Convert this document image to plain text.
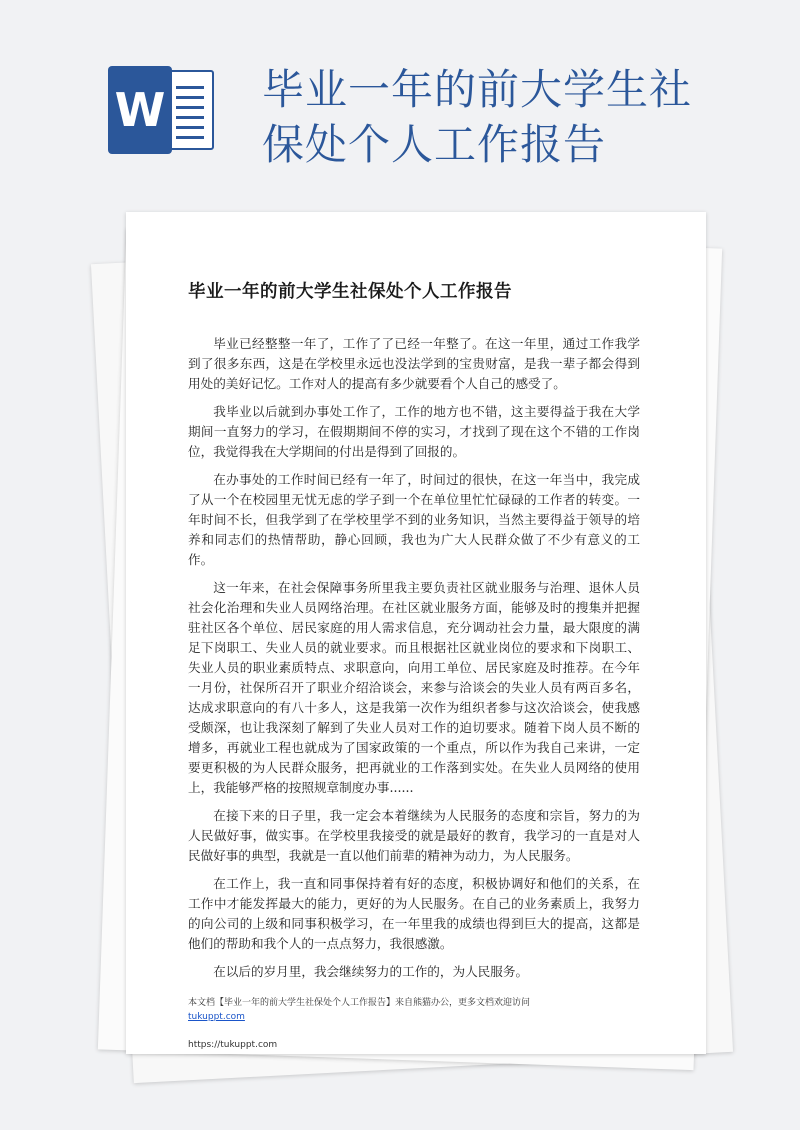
W 毕业一年的前大学生社保处个人工作报告
毕业一年的前大学生社保处个人工作报告

毕业已经整整一年了，工作了了已经一年整了。在这一年里，通过工作我学到了很多东西，这是在学校里永远也没法学到的宝贵财富，是我一辈子都会得到用处的美好记忆。工作对人的提高有多少就要看个人自己的感受了。

我毕业以后就到办事处工作了，工作的地方也不错，这主要得益于我在大学期间一直努力的学习，在假期期间不停的实习，才找到了现在这个不错的工作岗位，我觉得我在大学期间的付出是得到了回报的。

在办事处的工作时间已经有一年了，时间过的很快，在这一年当中，我完成了从一个在校园里无忧无虑的学子到一个在单位里忙忙碌碌的工作者的转变。一年时间不长，但我学到了在学校里学不到的业务知识，当然主要得益于领导的培养和同志们的热情帮助，静心回顾，我也为广大人民群众做了不少有意义的工作。

这一年来，在社会保障事务所里我主要负责社区就业服务与治理、退休人员社会化治理和失业人员网络治理。在社区就业服务方面，能够及时的搜集并把握驻社区各个单位、居民家庭的用人需求信息，充分调动社会力量，最大限度的满足下岗职工、失业人员的就业要求。而且根据社区就业岗位的要求和下岗职工、失业人员的职业素质特点、求职意向，向用工单位、居民家庭及时推荐。在今年一月份，社保所召开了职业介绍洽谈会，来参与洽谈会的失业人员有两百多名，达成求职意向的有八十多人，这是我第一次作为组织者参与这次洽谈会，使我感受颇深，也让我深刻了解到了失业人员对工作的迫切要求。随着下岗人员不断的增多，再就业工程也就成为了国家政策的一个重点，所以作为我自己来讲，一定要更积极的为人民群众服务，把再就业的工作落到实处。在失业人员网络的使用上，我能够严格的按照规章制度办事......

在接下来的日子里，我一定会本着继续为人民服务的态度和宗旨，努力的为人民做好事，做实事。在学校里我接受的就是最好的教育，我学习的一直是对人民做好事的典型，我就是一直以他们前辈的精神为动力，为人民服务。

在工作上，我一直和同事保持着有好的态度，积极协调好和他们的关系，在工作中才能发挥最大的能力，更好的为人民服务。在自己的业务素质上，我努力的向公司的上级和同事积极学习，在一年里我的成绩也得到巨大的提高，这都是他们的帮助和我个人的一点点努力，我很感激。

在以后的岁月里，我会继续努力的工作的，为人民服务。

本文档【毕业一年的前大学生社保处个人工作报告】来自熊猫办公，更多文档欢迎访问
tukuppt.com
https://tukuppt.com
